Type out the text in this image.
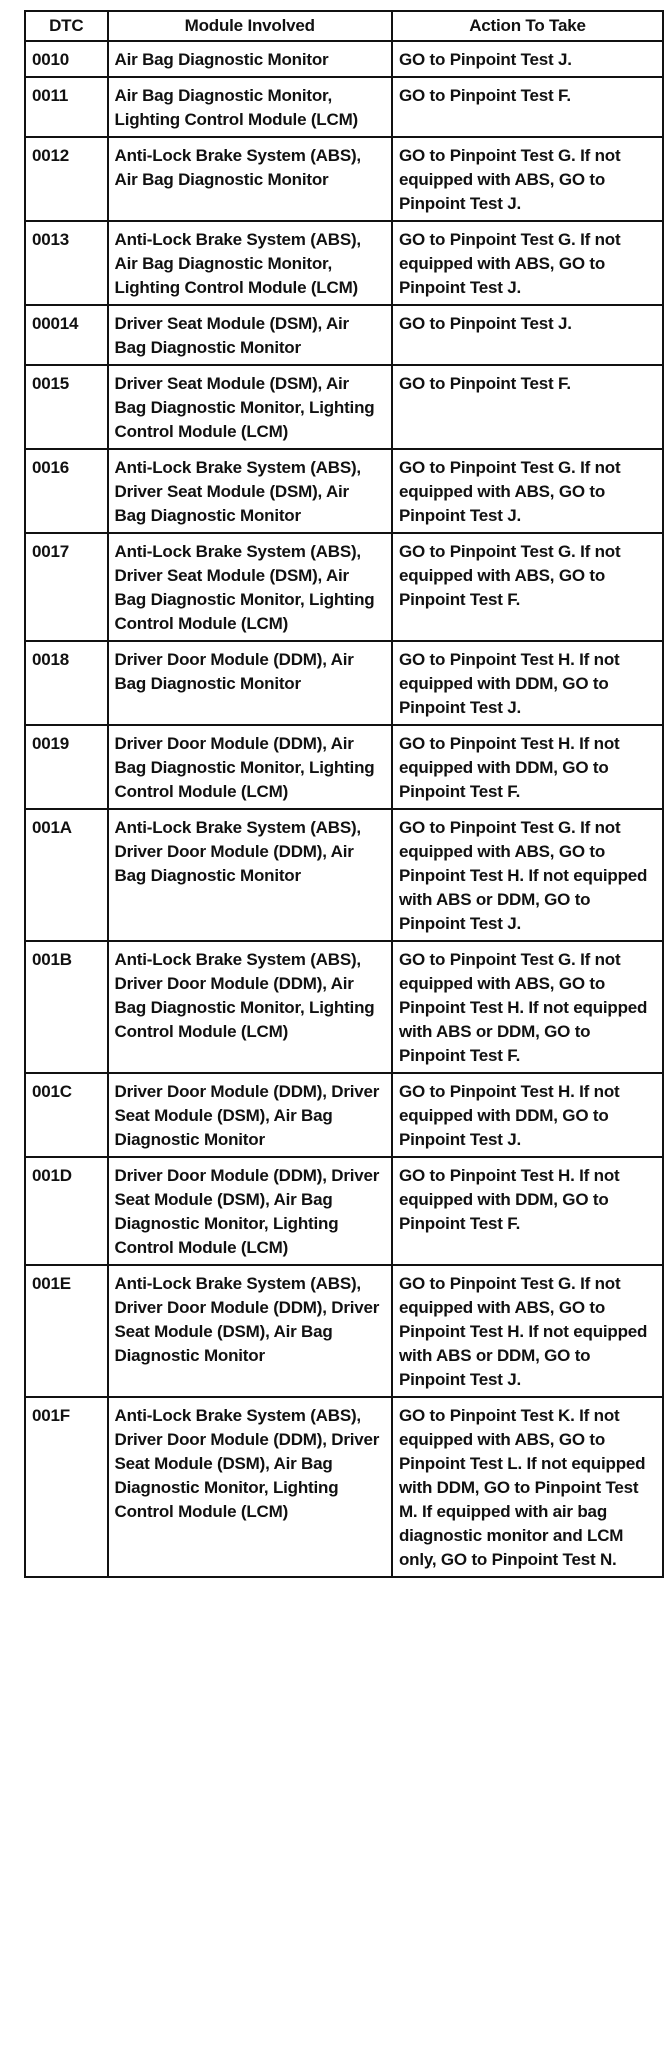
DTC	Module Involved	Action To Take
0010	Air Bag Diagnostic Monitor	GO to Pinpoint Test J.
0011	Air Bag Diagnostic Monitor, Lighting Control Module (LCM)	GO to Pinpoint Test F.
0012	Anti-Lock Brake System (ABS), Air Bag Diagnostic Monitor	GO to Pinpoint Test G. If not equipped with ABS, GO to Pinpoint Test J.
0013	Anti-Lock Brake System (ABS), Air Bag Diagnostic Monitor, Lighting Control Module (LCM)	GO to Pinpoint Test G. If not equipped with ABS, GO to Pinpoint Test J.
00014	Driver Seat Module (DSM), Air Bag Diagnostic Monitor	GO to Pinpoint Test J.
0015	Driver Seat Module (DSM), Air Bag Diagnostic Monitor, Lighting Control Module (LCM)	GO to Pinpoint Test F.
0016	Anti-Lock Brake System (ABS), Driver Seat Module (DSM), Air Bag Diagnostic Monitor	GO to Pinpoint Test G. If not equipped with ABS, GO to Pinpoint Test J.
0017	Anti-Lock Brake System (ABS), Driver Seat Module (DSM), Air Bag Diagnostic Monitor, Lighting Control Module (LCM)	GO to Pinpoint Test G. If not equipped with ABS, GO to Pinpoint Test F.
0018	Driver Door Module (DDM), Air Bag Diagnostic Monitor	GO to Pinpoint Test H. If not equipped with DDM, GO to Pinpoint Test J.
0019	Driver Door Module (DDM), Air Bag Diagnostic Monitor, Lighting Control Module (LCM)	GO to Pinpoint Test H. If not equipped with DDM, GO to Pinpoint Test F.
001A	Anti-Lock Brake System (ABS), Driver Door Module (DDM), Air Bag Diagnostic Monitor	GO to Pinpoint Test G. If not equipped with ABS, GO to Pinpoint Test H. If not equipped with ABS or DDM, GO to Pinpoint Test J.
001B	Anti-Lock Brake System (ABS), Driver Door Module (DDM), Air Bag Diagnostic Monitor, Lighting Control Module (LCM)	GO to Pinpoint Test G. If not equipped with ABS, GO to Pinpoint Test H. If not equipped with ABS or DDM, GO to Pinpoint Test F.
001C	Driver Door Module (DDM), Driver Seat Module (DSM), Air Bag Diagnostic Monitor	GO to Pinpoint Test H. If not equipped with DDM, GO to Pinpoint Test J.
001D	Driver Door Module (DDM), Driver Seat Module (DSM), Air Bag Diagnostic Monitor, Lighting Control Module (LCM)	GO to Pinpoint Test H. If not equipped with DDM, GO to Pinpoint Test F.
001E	Anti-Lock Brake System (ABS), Driver Door Module (DDM), Driver Seat Module (DSM), Air Bag Diagnostic Monitor	GO to Pinpoint Test G. If not equipped with ABS, GO to Pinpoint Test H. If not equipped with ABS or DDM, GO to Pinpoint Test J.
001F	Anti-Lock Brake System (ABS), Driver Door Module (DDM), Driver Seat Module (DSM), Air Bag Diagnostic Monitor, Lighting Control Module (LCM)	GO to Pinpoint Test K. If not equipped with ABS, GO to Pinpoint Test L. If not equipped with DDM, GO to Pinpoint Test M. If equipped with air bag diagnostic monitor and LCM only, GO to Pinpoint Test N.
